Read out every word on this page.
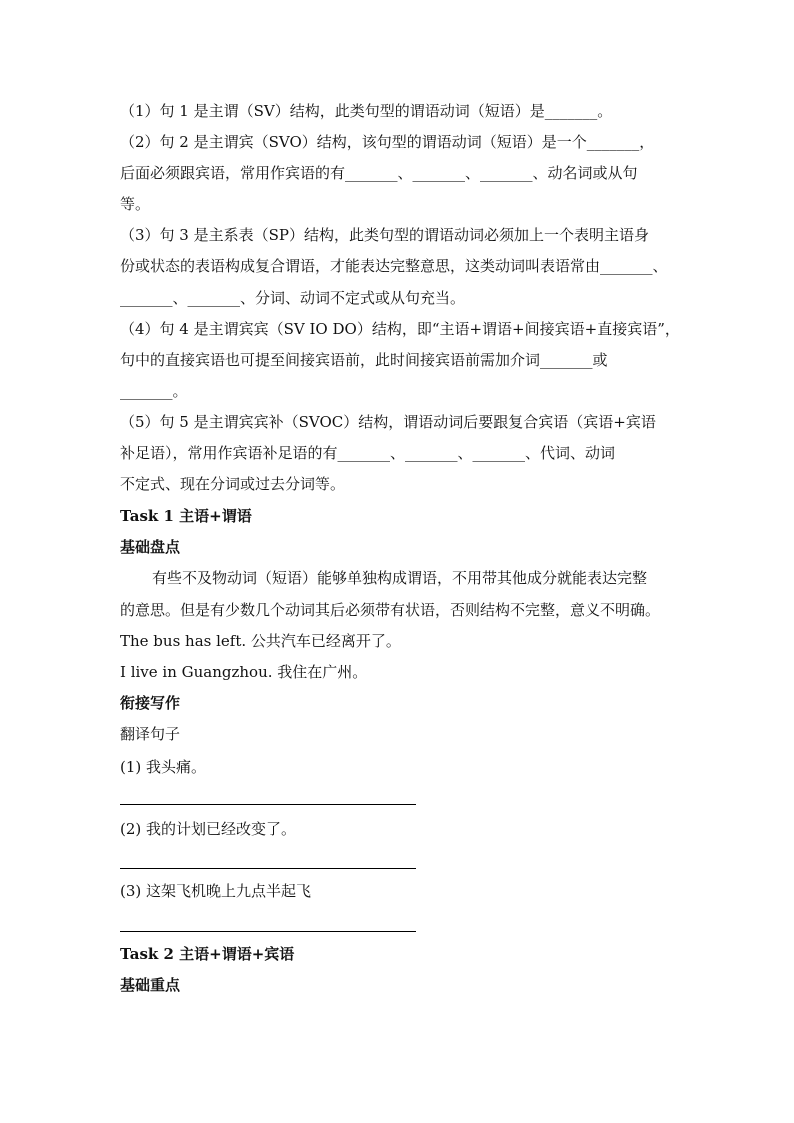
（1）句 1 是主谓（SV）结构，此类句型的谓语动词（短语）是_______。
（2）句 2 是主谓宾（SVO）结构，该句型的谓语动词（短语）是一个_______，
后面必须跟宾语，常用作宾语的有_______、_______、_______、动名词或从句
等。
（3）句 3 是主系表（SP）结构，此类句型的谓语动词必须加上一个表明主语身
份或状态的表语构成复合谓语，才能表达完整意思，这类动词叫表语常由_______、
_______、_______、分词、动词不定式或从句充当。
（4）句 4 是主谓宾宾（SV IO DO）结构，即“主语+谓语+间接宾语+直接宾语”，
句中的直接宾语也可提至间接宾语前，此时间接宾语前需加介词_______或
_______。
（5）句 5 是主谓宾宾补（SVOC）结构，谓语动词后要跟复合宾语（宾语+宾语
补足语），常用作宾语补足语的有_______、_______、_______、代词、动词
不定式、现在分词或过去分词等。
Task 1 主语+谓语
基础盘点
有些不及物动词（短语）能够单独构成谓语，不用带其他成分就能表达完整
的意思。但是有少数几个动词其后必须带有状语，否则结构不完整，意义不明确。
The bus has left. 公共汽车已经离开了。
I live in Guangzhou. 我住在广州。
衔接写作
翻译句子
(1) 我头痛。
(2) 我的计划已经改变了。
(3) 这架飞机晚上九点半起飞
Task 2 主语+谓语+宾语
基础重点
